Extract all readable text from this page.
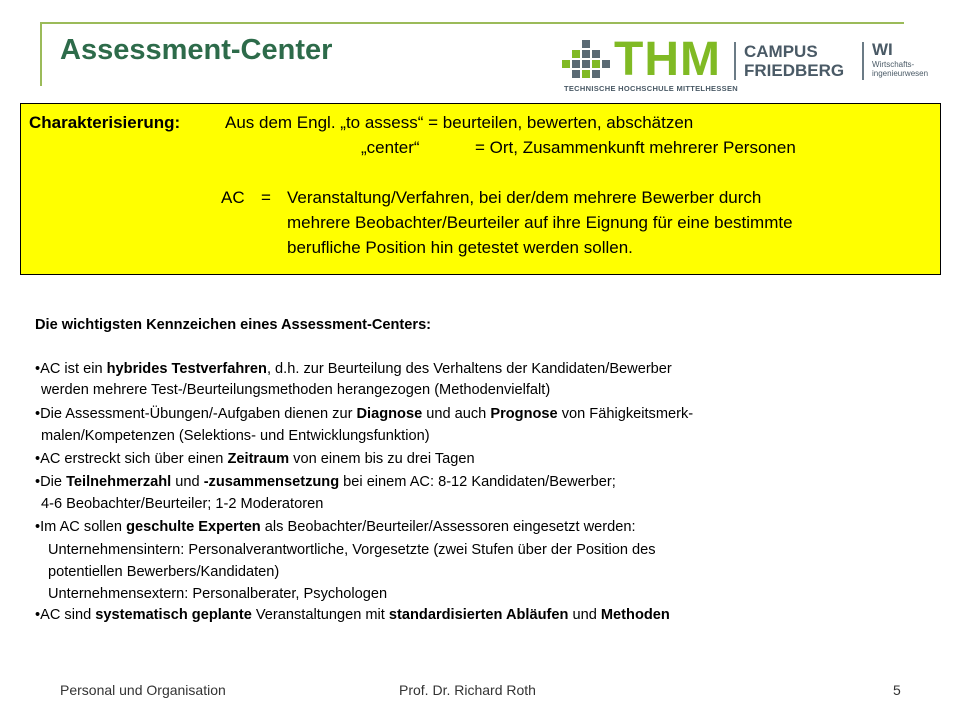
Assessment-Center	THM
TECHNISCHE HOCHSCHULE MITTELHESSEN
CAMPUS
FRIEDBERG
WI
Wirtschafts-
ingenieurwesen
Charakterisierung:	Aus dem Engl. „to assess“ = beurteilen, bewerten, abschätzen
„center“	= Ort, Zusammenkunft mehrerer Personen
AC = Veranstaltung/Verfahren, bei der/dem mehrere Bewerber durch
mehrere Beobachter/Beurteiler auf ihre Eignung für eine bestimmte
berufliche Position hin getestet werden sollen.
Die wichtigsten Kennzeichen eines Assessment-Centers:
•AC ist ein hybrides Testverfahren, d.h. zur Beurteilung des Verhaltens der Kandidaten/Bewerber
werden mehrere Test-/Beurteilungsmethoden herangezogen (Methodenvielfalt)
•Die Assessment-Übungen/-Aufgaben dienen zur Diagnose und auch Prognose von Fähigkeitsmerk-
malen/Kompetenzen (Selektions- und Entwicklungsfunktion)
•AC erstreckt sich über einen Zeitraum von einem bis zu drei Tagen
•Die Teilnehmerzahl und -zusammensetzung bei einem AC: 8-12 Kandidaten/Bewerber;
4-6 Beobachter/Beurteiler; 1-2 Moderatoren
•Im AC sollen geschulte Experten als Beobachter/Beurteiler/Assessoren eingesetzt werden:
Unternehmensintern: Personalverantwortliche, Vorgesetzte (zwei Stufen über der Position des
potentiellen Bewerbers/Kandidaten)
Unternehmensextern: Personalberater, Psychologen
•AC sind systematisch geplante Veranstaltungen mit standardisierten Abläufen und Methoden
Personal und Organisation	Prof. Dr. Richard Roth	5
